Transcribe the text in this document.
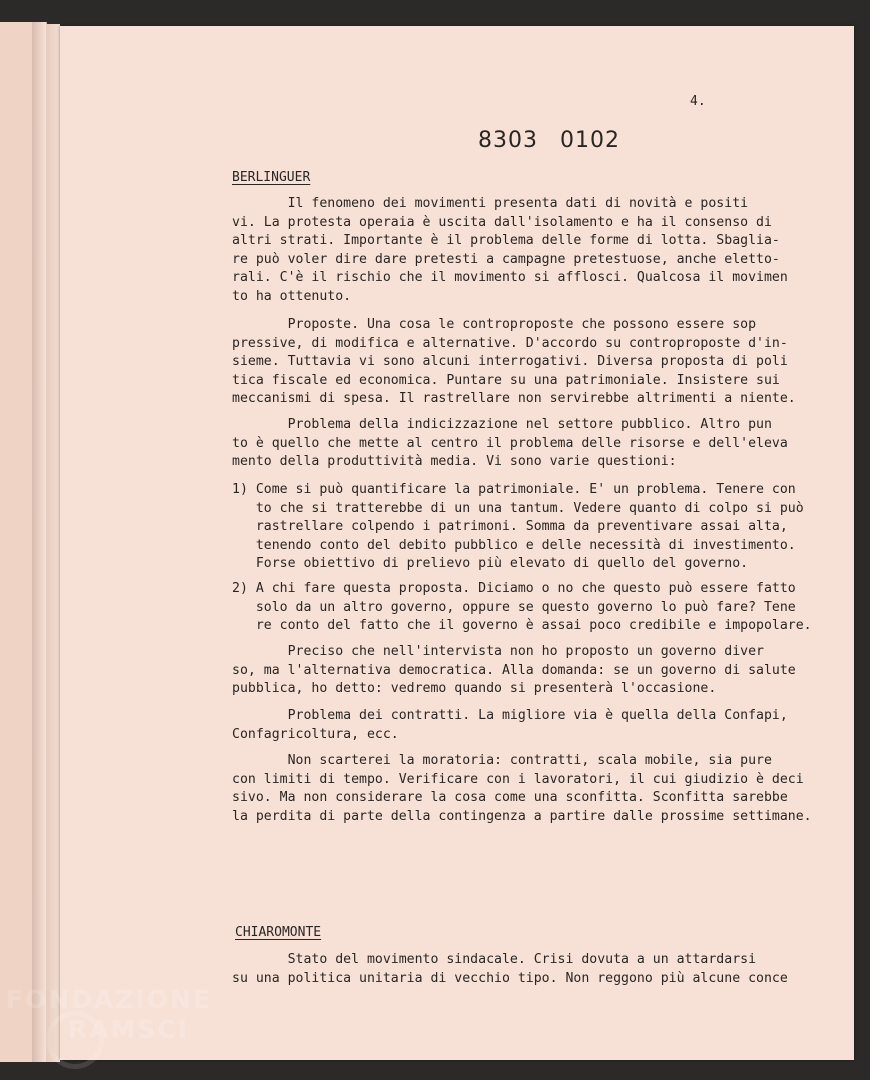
4.
8303 0102
BERLINGUER
Il fenomeno dei movimenti presenta dati di novità e positi
vi. La protesta operaia è uscita dall'isolamento e ha il consenso di
altri strati. Importante è il problema delle forme di lotta. Sbaglia-
re può voler dire dare pretesti a campagne pretestuose, anche eletto-
rali. C'è il rischio che il movimento si afflosci. Qualcosa il movimen
to ha ottenuto.
Proposte. Una cosa le controproposte che possono essere sop
pressive, di modifica e alternative. D'accordo su controproposte d'in-
sieme. Tuttavia vi sono alcuni interrogativi. Diversa proposta di poli
tica fiscale ed economica. Puntare su una patrimoniale. Insistere sui
meccanismi di spesa. Il rastrellare non servirebbe altrimenti a niente.
Problema della indicizzazione nel settore pubblico. Altro pun
to è quello che mette al centro il problema delle risorse e dell'eleva
mento della produttività media. Vi sono varie questioni:
1) Come si può quantificare la patrimoniale. E' un problema. Tenere con
to che si tratterebbe di un una tantum. Vedere quanto di colpo si può
rastrellare colpendo i patrimoni. Somma da preventivare assai alta,
tenendo conto del debito pubblico e delle necessità di investimento.
Forse obiettivo di prelievo più elevato di quello del governo.
2) A chi fare questa proposta. Diciamo o no che questo può essere fatto
solo da un altro governo, oppure se questo governo lo può fare? Tene
re conto del fatto che il governo è assai poco credibile e impopolare.
Preciso che nell'intervista non ho proposto un governo diver
so, ma l'alternativa democratica. Alla domanda: se un governo di salute
pubblica, ho detto: vedremo quando si presenterà l'occasione.
Problema dei contratti. La migliore via è quella della Confapi,
Confagricoltura, ecc.
Non scarterei la moratoria: contratti, scala mobile, sia pure
con limiti di tempo. Verificare con i lavoratori, il cui giudizio è deci
sivo. Ma non considerare la cosa come una sconfitta. Sconfitta sarebbe
la perdita di parte della contingenza a partire dalle prossime settimane.
CHIAROMONTE
Stato del movimento sindacale. Crisi dovuta a un attardarsi
su una politica unitaria di vecchio tipo. Non reggono più alcune conce
FONDAZIONE
RAMSCI
